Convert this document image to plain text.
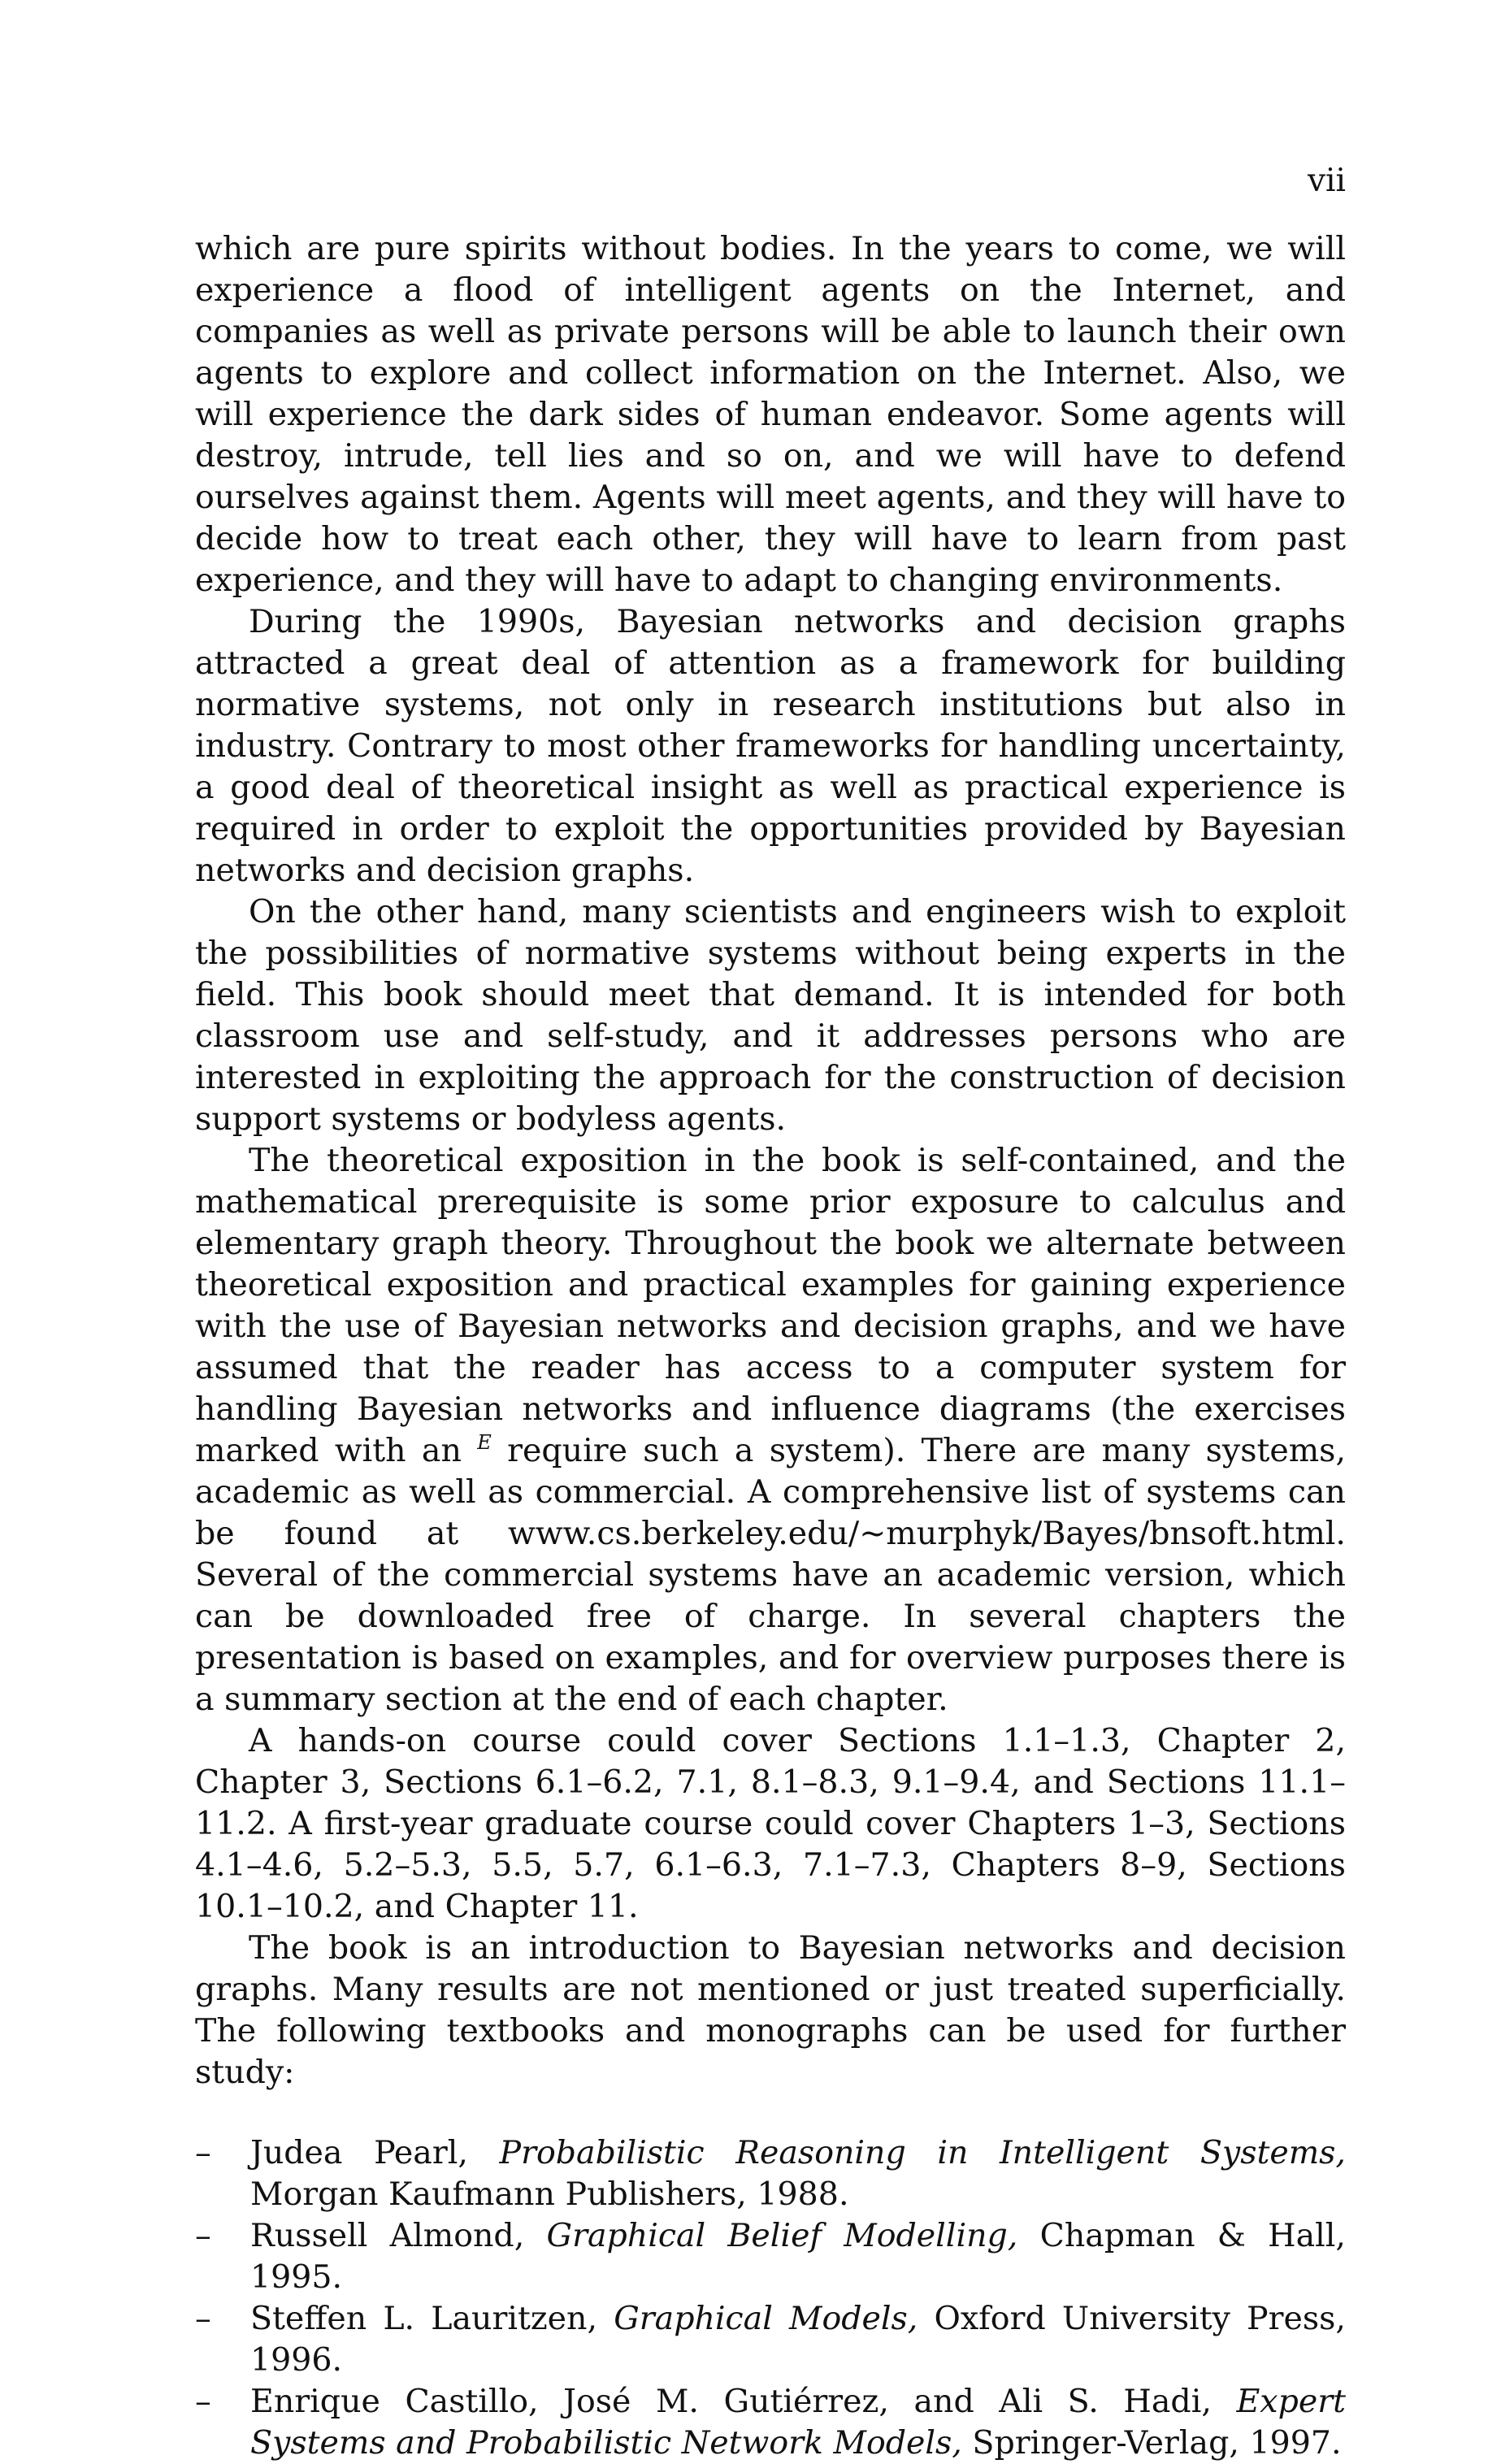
vii

which are pure spirits without bodies. In the years to come, we will experience a flood of intelligent agents on the Internet, and companies as well as private persons will be able to launch their own agents to explore and collect information on the Internet. Also, we will experience the dark sides of human endeavor. Some agents will destroy, intrude, tell lies and so on, and we will have to defend ourselves against them. Agents will meet agents, and they will have to decide how to treat each other, they will have to learn from past experience, and they will have to adapt to changing environments.

During the 1990s, Bayesian networks and decision graphs attracted a great deal of attention as a framework for building normative systems, not only in research institutions but also in industry. Contrary to most other frameworks for handling uncertainty, a good deal of theoretical insight as well as practical experience is required in order to exploit the opportunities provided by Bayesian networks and decision graphs.

On the other hand, many scientists and engineers wish to exploit the possibilities of normative systems without being experts in the field. This book should meet that demand. It is intended for both classroom use and self-study, and it addresses persons who are interested in exploiting the approach for the construction of decision support systems or bodyless agents.

The theoretical exposition in the book is self-contained, and the mathematical prerequisite is some prior exposure to calculus and elementary graph theory. Throughout the book we alternate between theoretical exposition and practical examples for gaining experience with the use of Bayesian networks and decision graphs, and we have assumed that the reader has access to a computer system for handling Bayesian networks and influence diagrams (the exercises marked with an $^E$ require such a system). There are many systems, academic as well as commercial. A comprehensive list of systems can be found at www.cs.berkeley.edu/~murphyk/Bayes/bnsoft.html. Several of the commercial systems have an academic version, which can be downloaded free of charge. In several chapters the presentation is based on examples, and for overview purposes there is a summary section at the end of each chapter.

A hands-on course could cover Sections 1.1–1.3, Chapter 2, Chapter 3, Sections 6.1–6.2, 7.1, 8.1–8.3, 9.1–9.4, and Sections 11.1–11.2. A first-year graduate course could cover Chapters 1–3, Sections 4.1–4.6, 5.2–5.3, 5.5, 5.7, 6.1–6.3, 7.1–7.3, Chapters 8–9, Sections 10.1–10.2, and Chapter 11.

The book is an introduction to Bayesian networks and decision graphs. Many results are not mentioned or just treated superficially. The following textbooks and monographs can be used for further study:

– Judea Pearl, Probabilistic Reasoning in Intelligent Systems, Morgan Kaufmann Publishers, 1988.
– Russell Almond, Graphical Belief Modelling, Chapman & Hall, 1995.
– Steffen L. Lauritzen, Graphical Models, Oxford University Press, 1996.
– Enrique Castillo, José M. Gutiérrez, and Ali S. Hadi, Expert Systems and Probabilistic Network Models, Springer-Verlag, 1997.
